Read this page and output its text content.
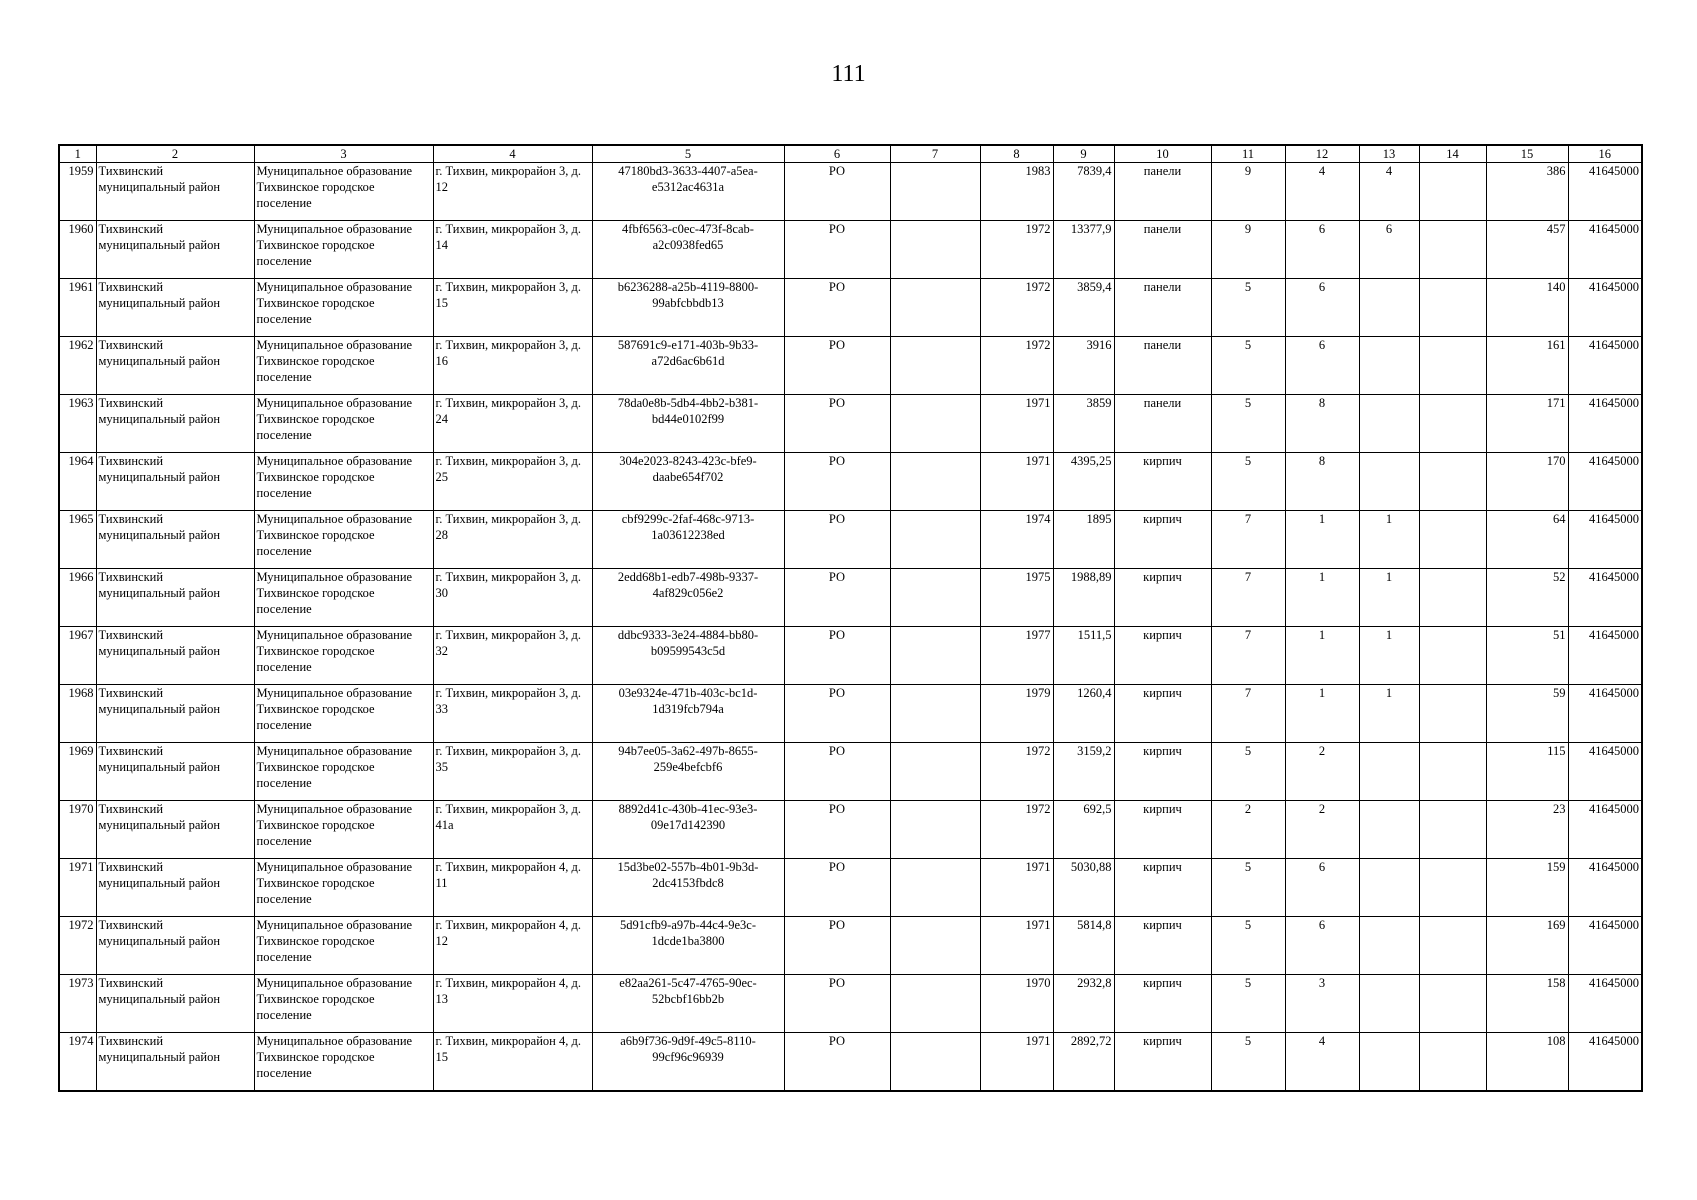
111
1	2	3	4	5	6	7	8	9	10	11	12	13	14	15	16
1959	Тихвинский муниципальный район	Муниципальное образование Тихвинское городское поселение	г. Тихвин, микрорайон 3, д. 12	47180bd3-3633-4407-a5ea-e5312ac4631a	РО		1983	7839,4	панели	9	4	4		386	41645000
1960	Тихвинский муниципальный район	Муниципальное образование Тихвинское городское поселение	г. Тихвин, микрорайон 3, д. 14	4fbf6563-c0ec-473f-8cab-a2c0938fed65	РО		1972	13377,9	панели	9	6	6		457	41645000
1961	Тихвинский муниципальный район	Муниципальное образование Тихвинское городское поселение	г. Тихвин, микрорайон 3, д. 15	b6236288-a25b-4119-8800-99abfcbbdb13	РО		1972	3859,4	панели	5	6			140	41645000
1962	Тихвинский муниципальный район	Муниципальное образование Тихвинское городское поселение	г. Тихвин, микрорайон 3, д. 16	587691c9-e171-403b-9b33-a72d6ac6b61d	РО		1972	3916	панели	5	6			161	41645000
1963	Тихвинский муниципальный район	Муниципальное образование Тихвинское городское поселение	г. Тихвин, микрорайон 3, д. 24	78da0e8b-5db4-4bb2-b381-bd44e0102f99	РО		1971	3859	панели	5	8			171	41645000
1964	Тихвинский муниципальный район	Муниципальное образование Тихвинское городское поселение	г. Тихвин, микрорайон 3, д. 25	304e2023-8243-423c-bfe9-daabe654f702	РО		1971	4395,25	кирпич	5	8			170	41645000
1965	Тихвинский муниципальный район	Муниципальное образование Тихвинское городское поселение	г. Тихвин, микрорайон 3, д. 28	cbf9299c-2faf-468c-9713-1a03612238ed	РО		1974	1895	кирпич	7	1	1		64	41645000
1966	Тихвинский муниципальный район	Муниципальное образование Тихвинское городское поселение	г. Тихвин, микрорайон 3, д. 30	2edd68b1-edb7-498b-9337-4af829c056e2	РО		1975	1988,89	кирпич	7	1	1		52	41645000
1967	Тихвинский муниципальный район	Муниципальное образование Тихвинское городское поселение	г. Тихвин, микрорайон 3, д. 32	ddbc9333-3e24-4884-bb80-b09599543c5d	РО		1977	1511,5	кирпич	7	1	1		51	41645000
1968	Тихвинский муниципальный район	Муниципальное образование Тихвинское городское поселение	г. Тихвин, микрорайон 3, д. 33	03e9324e-471b-403c-bc1d-1d319fcb794a	РО		1979	1260,4	кирпич	7	1	1		59	41645000
1969	Тихвинский муниципальный район	Муниципальное образование Тихвинское городское поселение	г. Тихвин, микрорайон 3, д. 35	94b7ee05-3a62-497b-8655-259e4befcbf6	РО		1972	3159,2	кирпич	5	2			115	41645000
1970	Тихвинский муниципальный район	Муниципальное образование Тихвинское городское поселение	г. Тихвин, микрорайон 3, д. 41а	8892d41c-430b-41ec-93e3-09e17d142390	РО		1972	692,5	кирпич	2	2			23	41645000
1971	Тихвинский муниципальный район	Муниципальное образование Тихвинское городское поселение	г. Тихвин, микрорайон 4, д. 11	15d3be02-557b-4b01-9b3d-2dc4153fbdc8	РО		1971	5030,88	кирпич	5	6			159	41645000
1972	Тихвинский муниципальный район	Муниципальное образование Тихвинское городское поселение	г. Тихвин, микрорайон 4, д. 12	5d91cfb9-a97b-44c4-9e3c-1dcde1ba3800	РО		1971	5814,8	кирпич	5	6			169	41645000
1973	Тихвинский муниципальный район	Муниципальное образование Тихвинское городское поселение	г. Тихвин, микрорайон 4, д. 13	e82aa261-5c47-4765-90ec-52bcbf16bb2b	РО		1970	2932,8	кирпич	5	3			158	41645000
1974	Тихвинский муниципальный район	Муниципальное образование Тихвинское городское поселение	г. Тихвин, микрорайон 4, д. 15	a6b9f736-9d9f-49c5-8110-99cf96c96939	РО		1971	2892,72	кирпич	5	4			108	41645000
